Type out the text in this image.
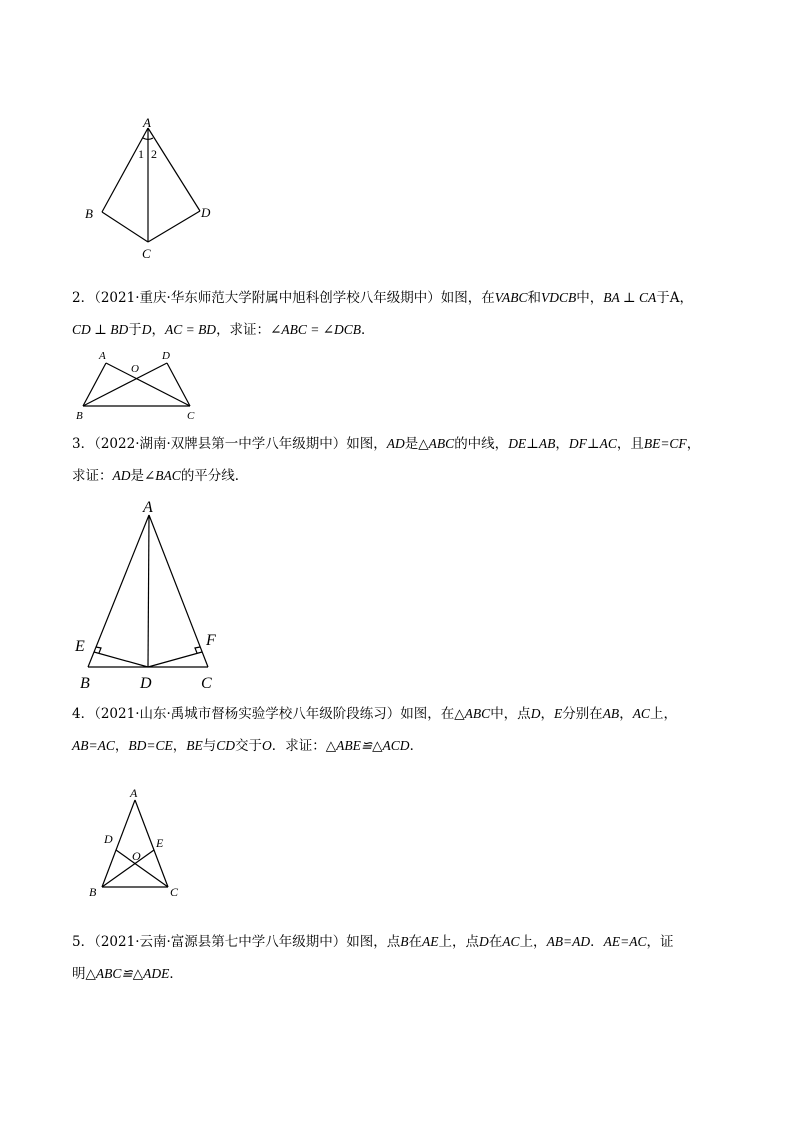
A
B
C
D
1 2
2．（2021·重庆·华东师范大学附属中旭科创学校八年级期中）如图，在VABC和VDCB中，BA ⊥ CA于A，
CD ⊥ BD于D，AC = BD，求证：∠ABC = ∠DCB．
A	D
O
B	C
3．（2022·湖南·双牌县第一中学八年级期中）如图，AD是△ABC的中线，DE⊥AB，DF⊥AC，且BE=CF，
求证：AD是∠BAC的平分线．
A
E	F
B	D	C
4．（2021·山东·禹城市督杨实验学校八年级阶段练习）如图，在△ABC中，点D，E分别在AB，AC上，
AB=AC，BD=CE，BE与CD交于O．求证：△ABE≌△ACD．
A
D	E
O
B	C
5．（2021·云南·富源县第七中学八年级期中）如图，点B在AE上，点D在AC上，AB=AD．AE=AC，证
明△ABC≌△ADE．
